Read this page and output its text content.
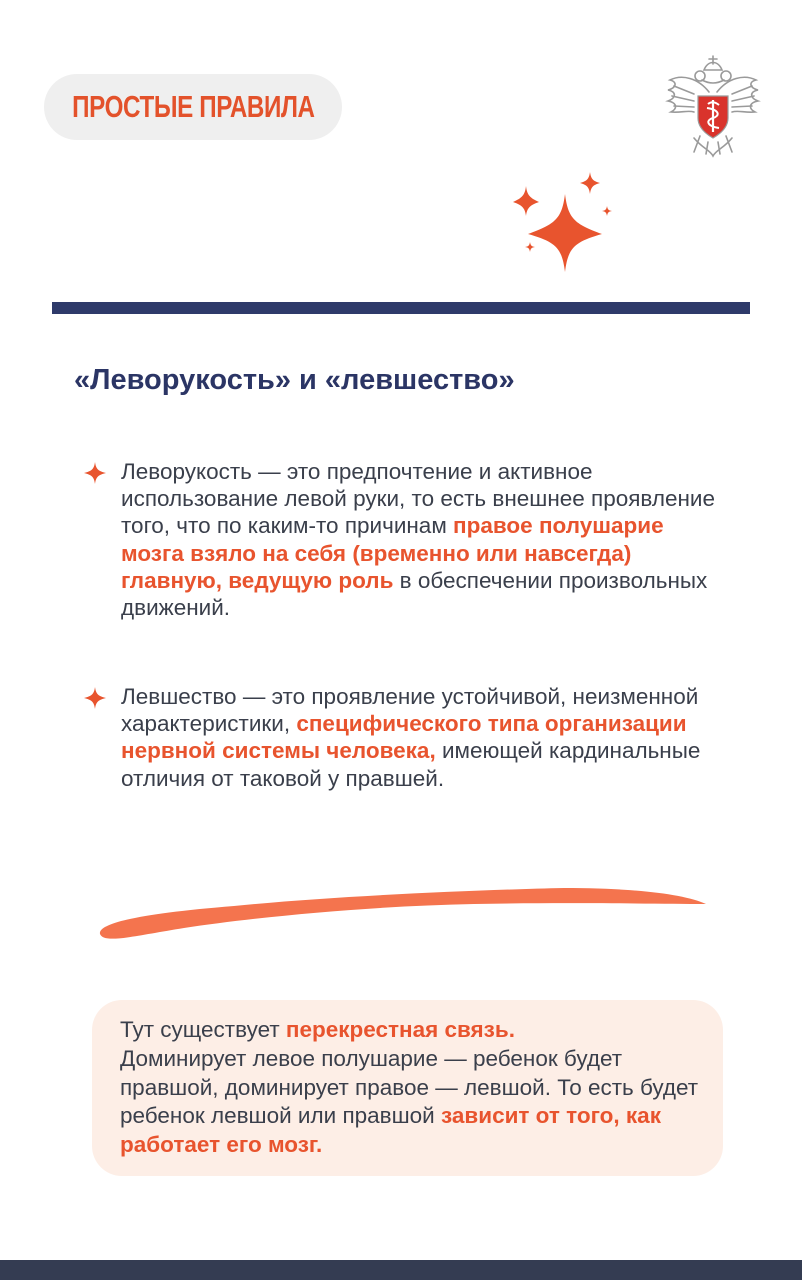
ПРОСТЫЕ ПРАВИЛА
«Леворукость» и «левшество»

Леворукость — это предпочтение и активное использование левой руки, то есть внешнее проявление того, что по каким-то причинам правое полушарие мозга взяло на себя (временно или навсегда) главную, ведущую роль в обеспечении произвольных движений.

Левшество — это проявление устойчивой, неизменной характеристики, специфического типа организации нервной системы человека, имеющей кардинальные отличия от таковой у правшей.

Тут существует перекрестная связь.
Доминирует левое полушарие — ребенок будет правшой, доминирует правое — левшой. То есть будет ребенок левшой или правшой зависит от того, как работает его мозг.
